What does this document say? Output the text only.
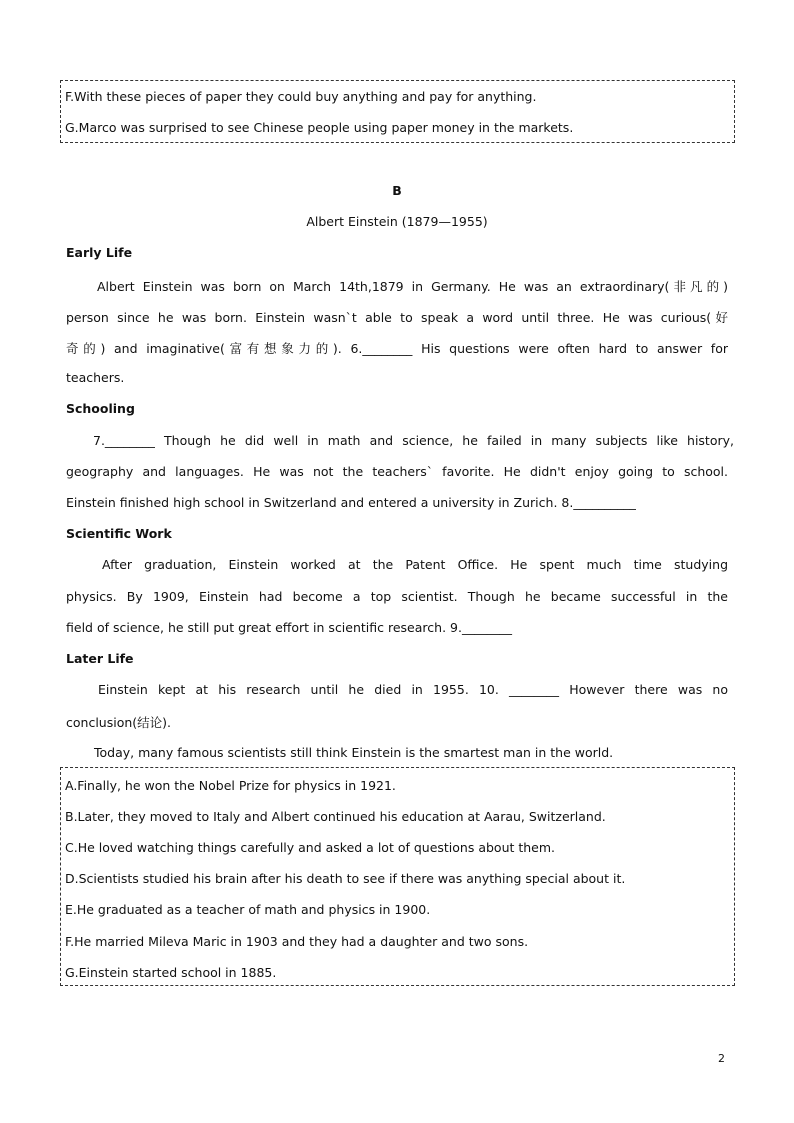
F.With these pieces of paper they could buy anything and pay for anything.
G.Marco was surprised to see Chinese people using paper money in the markets.
B
Albert Einstein (1879—1955)
Early Life
Albert Einstein was born on March 14th,1879 in Germany. He was an extraordinary(非凡的)
person since he was born. Einstein wasn`t able to speak a word until three. He was curious(好
奇的) and imaginative(富有想象力的). 6.________ His questions were often hard to answer for
teachers.
Schooling
7.________ Though he did well in math and science, he failed in many subjects like history,
geography and languages. He was not the teachers` favorite. He didn't enjoy going to school.
Einstein finished high school in Switzerland and entered a university in Zurich. 8.__________
Scientific Work
After graduation, Einstein worked at the Patent Office. He spent much time studying
physics. By 1909, Einstein had become a top scientist. Though he became successful in the
field of science, he still put great effort in scientific research. 9.________
Later Life
Einstein kept at his research until he died in 1955. 10. ________ However there was no
conclusion(结论).
Today, many famous scientists still think Einstein is the smartest man in the world.
A.Finally, he won the Nobel Prize for physics in 1921.
B.Later, they moved to Italy and Albert continued his education at Aarau, Switzerland.
C.He loved watching things carefully and asked a lot of questions about them.
D.Scientists studied his brain after his death to see if there was anything special about it.
E.He graduated as a teacher of math and physics in 1900.
F.He married Mileva Maric in 1903 and they had a daughter and two sons.
G.Einstein started school in 1885.
2
